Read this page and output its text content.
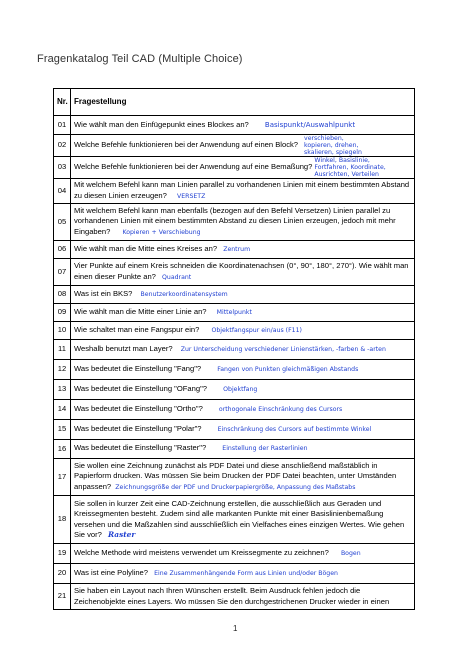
Fragenkatalog Teil CAD (Multiple Choice)
Nr.	Fragestellung
01	Wie wählt man den Einfügepunkt eines Blockes an? Basispunkt/Auswahlpunkt
02	Welche Befehle funktionieren bei der Anwendung auf einen Block?
verschieben, kopieren, drehen, skalieren, spiegeln

03	Welche Befehle funktionieren bei der Anwendung auf eine Bemaßung?
Winkel, Basislinie, Fortfahren, Koordinate, Ausrichten, Verteilen

04	Mit welchem Befehl kann man Linien parallel zu vorhandenen Linien mit einem bestimmten Abstand zu diesen Linien erzeugen? VERSETZ
05	Mit welchem Befehl kann man ebenfalls (bezogen auf den Befehl Versetzen) Linien parallel zu vorhandenen Linien mit einem bestimmten Abstand zu diesen Linien erzeugen, jedoch mit mehr Eingaben? Kopieren + Verschiebung
06	Wie wählt man die Mitte eines Kreises an? Zentrum
07	Vier Punkte auf einem Kreis schneiden die Koordinatenachsen (0°, 90°, 180°, 270°). Wie wählt man einen dieser Punkte an? Quadrant
08	Was ist ein BKS? Benutzerkoordinatensystem
09	Wie wählt man die Mitte einer Linie an? Mittelpunkt
10	Wie schaltet man eine Fangspur ein? Objektfangspur ein/aus (F11)
11	Weshalb benutzt man Layer? Zur Unterscheidung verschiedener Linienstärken, -farben & -arten
12	Was bedeutet die Einstellung "Fang"? Fangen von Punkten gleichmäßigen Abstands
13	Was bedeutet die Einstellung "OFang"? Objektfang
14	Was bedeutet die Einstellung "Ortho"? orthogonale Einschränkung des Cursors
15	Was bedeutet die Einstellung "Polar"? Einschränkung des Cursors auf bestimmte Winkel
16	Was bedeutet die Einstellung "Raster"? Einstellung der Rasterlinien
17	Sie wollen eine Zeichnung zunächst als PDF Datei und diese anschließend maßstäblich in Papierform drucken. Was müssen Sie beim Drucken der PDF Datei beachten, unter Umständen anpassen? Zeichnungsgröße der PDF und Druckerpapiergröße, Anpassung des Maßstabs
18	Sie sollen in kurzer Zeit eine CAD-Zeichnung erstellen, die ausschließlich aus Geraden und Kreissegmenten besteht. Zudem sind alle markanten Punkte mit einer Basislinienbemaßung versehen und die Maßzahlen sind ausschließlich ein Vielfaches eines einzigen Wertes. Wie gehen Sie vor? Raster
19	Welche Methode wird meistens verwendet um Kreissegmente zu zeichnen? Bogen
20	Was ist eine Polyline? Eine Zusammenhängende Form aus Linien und/oder Bögen
21	Sie haben ein Layout nach Ihren Wünschen erstellt. Beim Ausdruck fehlen jedoch die Zeichenobjekte eines Layers. Wo müssen Sie den durchgestrichenen Drucker wieder in einen
1
